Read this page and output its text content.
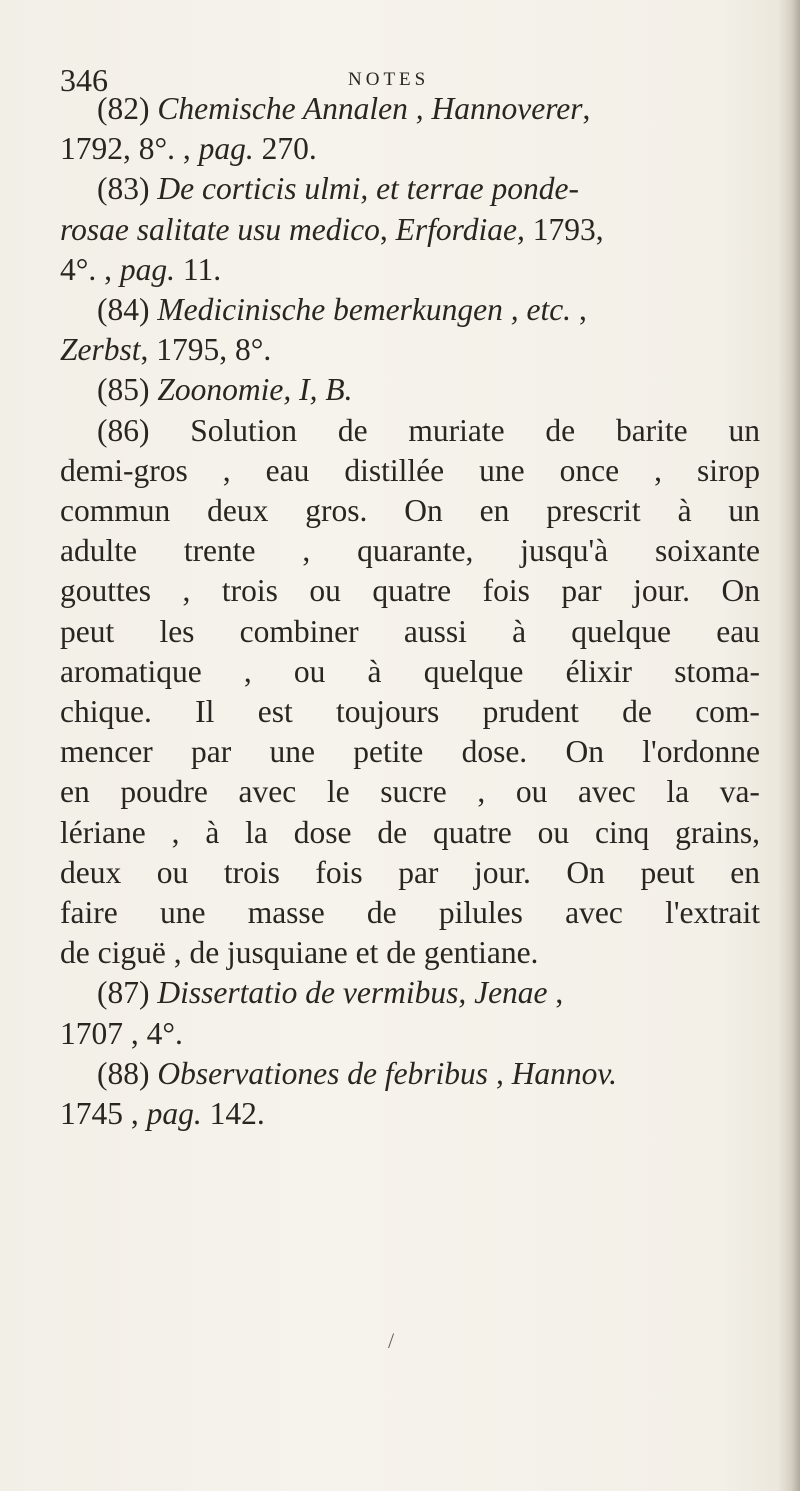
346	NOTES
(82) Chemische Annalen , Hannoverer,
1792, 8°. , pag. 270.
(83) De corticis ulmi, et terrae ponde-
rosae salitate usu medico, Erfordiae, 1793,
4°. , pag. 11.
(84) Medicinische bemerkungen , etc. ,
Zerbst, 1795, 8°.
(85) Zoonomie, I, B.
(86) Solution de muriate de barite un
demi-gros , eau distillée une once , sirop
commun deux gros. On en prescrit à un
adulte trente , quarante, jusqu'à soixante
gouttes , trois ou quatre fois par jour. On
peut les combiner aussi à quelque eau
aromatique , ou à quelque élixir stoma-
chique. Il est toujours prudent de com-
mencer par une petite dose. On l'ordonne
en poudre avec le sucre , ou avec la va-
lériane , à la dose de quatre ou cinq grains,
deux ou trois fois par jour. On peut en
faire une masse de pilules avec l'extrait
de ciguë , de jusquiane et de gentiane.
(87) Dissertatio de vermibus, Jenae ,
1707 , 4°.
(88) Observationes de febribus , Hannov.
1745 , pag. 142.
/
